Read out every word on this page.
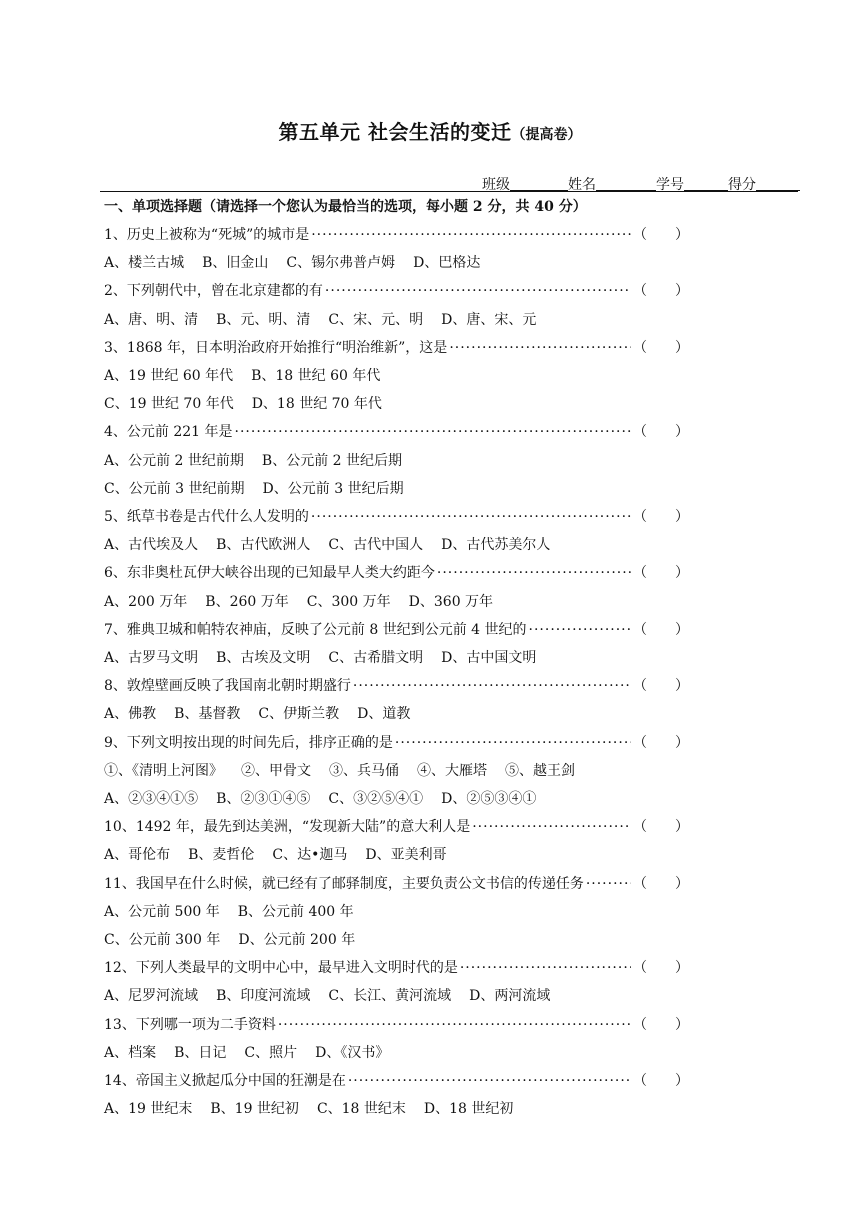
第五单元 社会生活的变迁（提高卷）
班级	姓名	学号	得分
一、单项选择题（请选择一个您认为最恰当的选项，每小题 2 分，共 40 分）
1、历史上被称为“死城”的城市是 ·····	（　　）
A、楼兰古城 B、旧金山 C、锡尔弗普卢姆 D、巴格达
2、下列朝代中，曾在北京建都的有 ·····	（　　）
A、唐、明、清 B、元、明、清 C、宋、元、明 D、唐、宋、元
3、1868 年，日本明治政府开始推行“明治维新”，这是 ·····	（　　）
A、19 世纪 60 年代 B、18 世纪 60 年代
C、19 世纪 70 年代 D、18 世纪 70 年代
4、公元前 221 年是 ·····	（　　）
A、公元前 2 世纪前期 B、公元前 2 世纪后期
C、公元前 3 世纪前期 D、公元前 3 世纪后期
5、纸草书卷是古代什么人发明的 ·····	（　　）
A、古代埃及人 B、古代欧洲人 C、古代中国人 D、古代苏美尔人
6、东非奥杜瓦伊大峡谷出现的已知最早人类大约距今 ·····	（　　）
A、200 万年 B、260 万年 C、300 万年 D、360 万年
7、雅典卫城和帕特农神庙，反映了公元前 8 世纪到公元前 4 世纪的 ·····	（　　）
A、古罗马文明 B、古埃及文明 C、古希腊文明 D、古中国文明
8、敦煌壁画反映了我国南北朝时期盛行 ·····	（　　）
A、佛教 B、基督教 C、伊斯兰教 D、道教
9、下列文明按出现的时间先后，排序正确的是 ·····	（　　）
①、《清明上河图》 ②、甲骨文 ③、兵马俑 ④、大雁塔 ⑤、越王剑
A、②③④①⑤ B、②③①④⑤ C、③②⑤④① D、②⑤③④①
10、1492 年，最先到达美洲，“发现新大陆”的意大利人是 ·····	（　　）
A、哥伦布 B、麦哲伦 C、达•迦马 D、亚美利哥
11、我国早在什么时候，就已经有了邮驿制度，主要负责公文书信的传递任务 ·····	（　　）
A、公元前 500 年 B、公元前 400 年
C、公元前 300 年 D、公元前 200 年
12、下列人类最早的文明中心中，最早进入文明时代的是 ·····	（　　）
A、尼罗河流域 B、印度河流域 C、长江、黄河流域 D、两河流域
13、下列哪一项为二手资料 ·····	（　　）
A、档案 B、日记 C、照片 D、《汉书》
14、帝国主义掀起瓜分中国的狂潮是在 ·····	（　　）
A、19 世纪末 B、19 世纪初 C、18 世纪末 D、18 世纪初
